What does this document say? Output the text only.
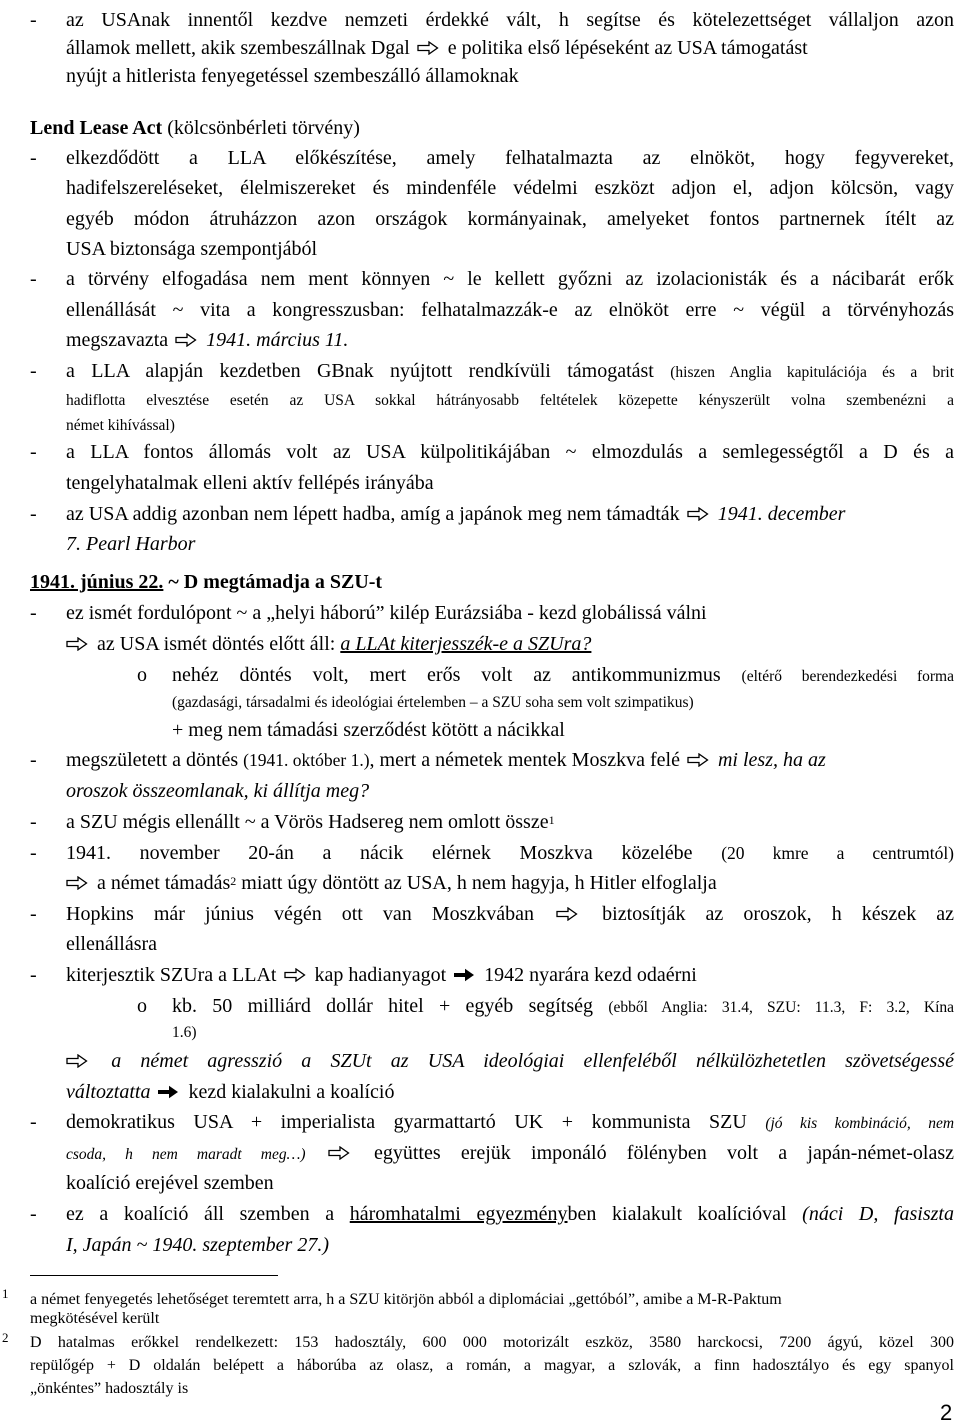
- az USAnak innentől kezdve nemzeti érdekké vált, h segítse és kötelezettséget vállaljon azon
államok mellett, akik szembeszállnak Dgal e politika első lépéseként az USA támogatást
nyújt a hitlerista fenyegetéssel szembeszálló államoknak
Lend Lease Act (kölcsönbérleti törvény)
- elkezdődött a LLA előkészítése, amely felhatalmazta az elnököt, hogy fegyvereket,
hadifelszereléseket, élelmiszereket és mindenféle védelmi eszközt adjon el, adjon kölcsön, vagy
egyéb módon átruházzon azon országok kormányainak, amelyeket fontos partnernek ítélt az
USA biztonsága szempontjából
- a törvény elfogadása nem ment könnyen ~ le kellett győzni az izolacionisták és a nácibarát erők
ellenállását ~ vita a kongresszusban: felhatalmazzák-e az elnököt erre ~ végül a törvényhozás
megszavazta 1941. március 11.
- a LLA alapján kezdetben GBnak nyújtott rendkívüli támogatást (hiszen Anglia kapitulációja és a brit
hadiflotta elvesztése esetén az USA sokkal hátrányosabb feltételek közepette kényszerült volna szembenézni a
német kihívással)
- a LLA fontos állomás volt az USA külpolitikájában ~ elmozdulás a semlegességtől a D és a
tengelyhatalmak elleni aktív fellépés irányába
- az USA addig azonban nem lépett hadba, amíg a japánok meg nem támadták 1941. december
7. Pearl Harbor
1941. június 22. ~ D megtámadja a SZU-t
- ez ismét fordulópont ~ a „helyi háború” kilép Eurázsiába - kezd globálissá válni
az USA ismét döntés előtt áll: a LLAt kiterjesszék-e a SZUra?
o nehéz döntés volt, mert erős volt az antikommunizmus (eltérő berendezkedési forma
(gazdasági, társadalmi és ideológiai értelemben – a SZU soha sem volt szimpatikus)
+ meg nem támadási szerződést kötött a nácikkal
- megszületett a döntés (1941. október 1.), mert a németek mentek Moszkva felé mi lesz, ha az
oroszok összeomlanak, ki állítja meg?
- a SZU mégis ellenállt ~ a Vörös Hadsereg nem omlott össze$^1$
- 1941. november 20-án a nácik elérnek Moszkva közelébe (20 kmre a centrumtól)
a német támadás$^2$ miatt úgy döntött az USA, h nem hagyja, h Hitler elfoglalja
- Hopkins már június végén ott van Moszkvában	biztosítják az oroszok, h készek az
ellenállásra
- kiterjesztik SZUra a LLAt kap hadianyagot 1942 nyarára kezd odaérni
o kb. 50 milliárd dollár hitel + egyéb segítség (ebből Anglia: 31.4, SZU: 11.3, F: 3.2, Kína
1.6)
a német agresszió a SZUt az USA ideológiai ellenfeléből nélkülözhetetlen szövetségessé
változtatta kezd kialakulni a koalíció
- demokratikus USA + imperialista gyarmattartó UK + kommunista SZU (jó kis kombináció, nem
csoda, h nem maradt meg…)	együttes erejük imponáló fölényben volt a japán-német-olasz
koalíció erejével szemben
- ez a koalíció áll szemben a háromhatalmi egyezményben kialakult koalícióval (náci D, fasiszta
I, Japán ~ 1940. szeptember 27.)
1 a német fenyegetés lehetőséget teremtett arra, h a SZU kitörjön abból a diplomáciai „gettóból”, amibe a M-R-Paktum
megkötésével került
2 D hatalmas erőkkel rendelkezett: 153 hadosztály, 600 000 motorizált eszköz, 3580 harckocsi, 7200 ágyú, közel 300
repülőgép + D oldalán belépett a háborúba az olasz, a román, a magyar, a szlovák, a finn hadosztályo és egy spanyol
„önkéntes” hadosztály is
2
